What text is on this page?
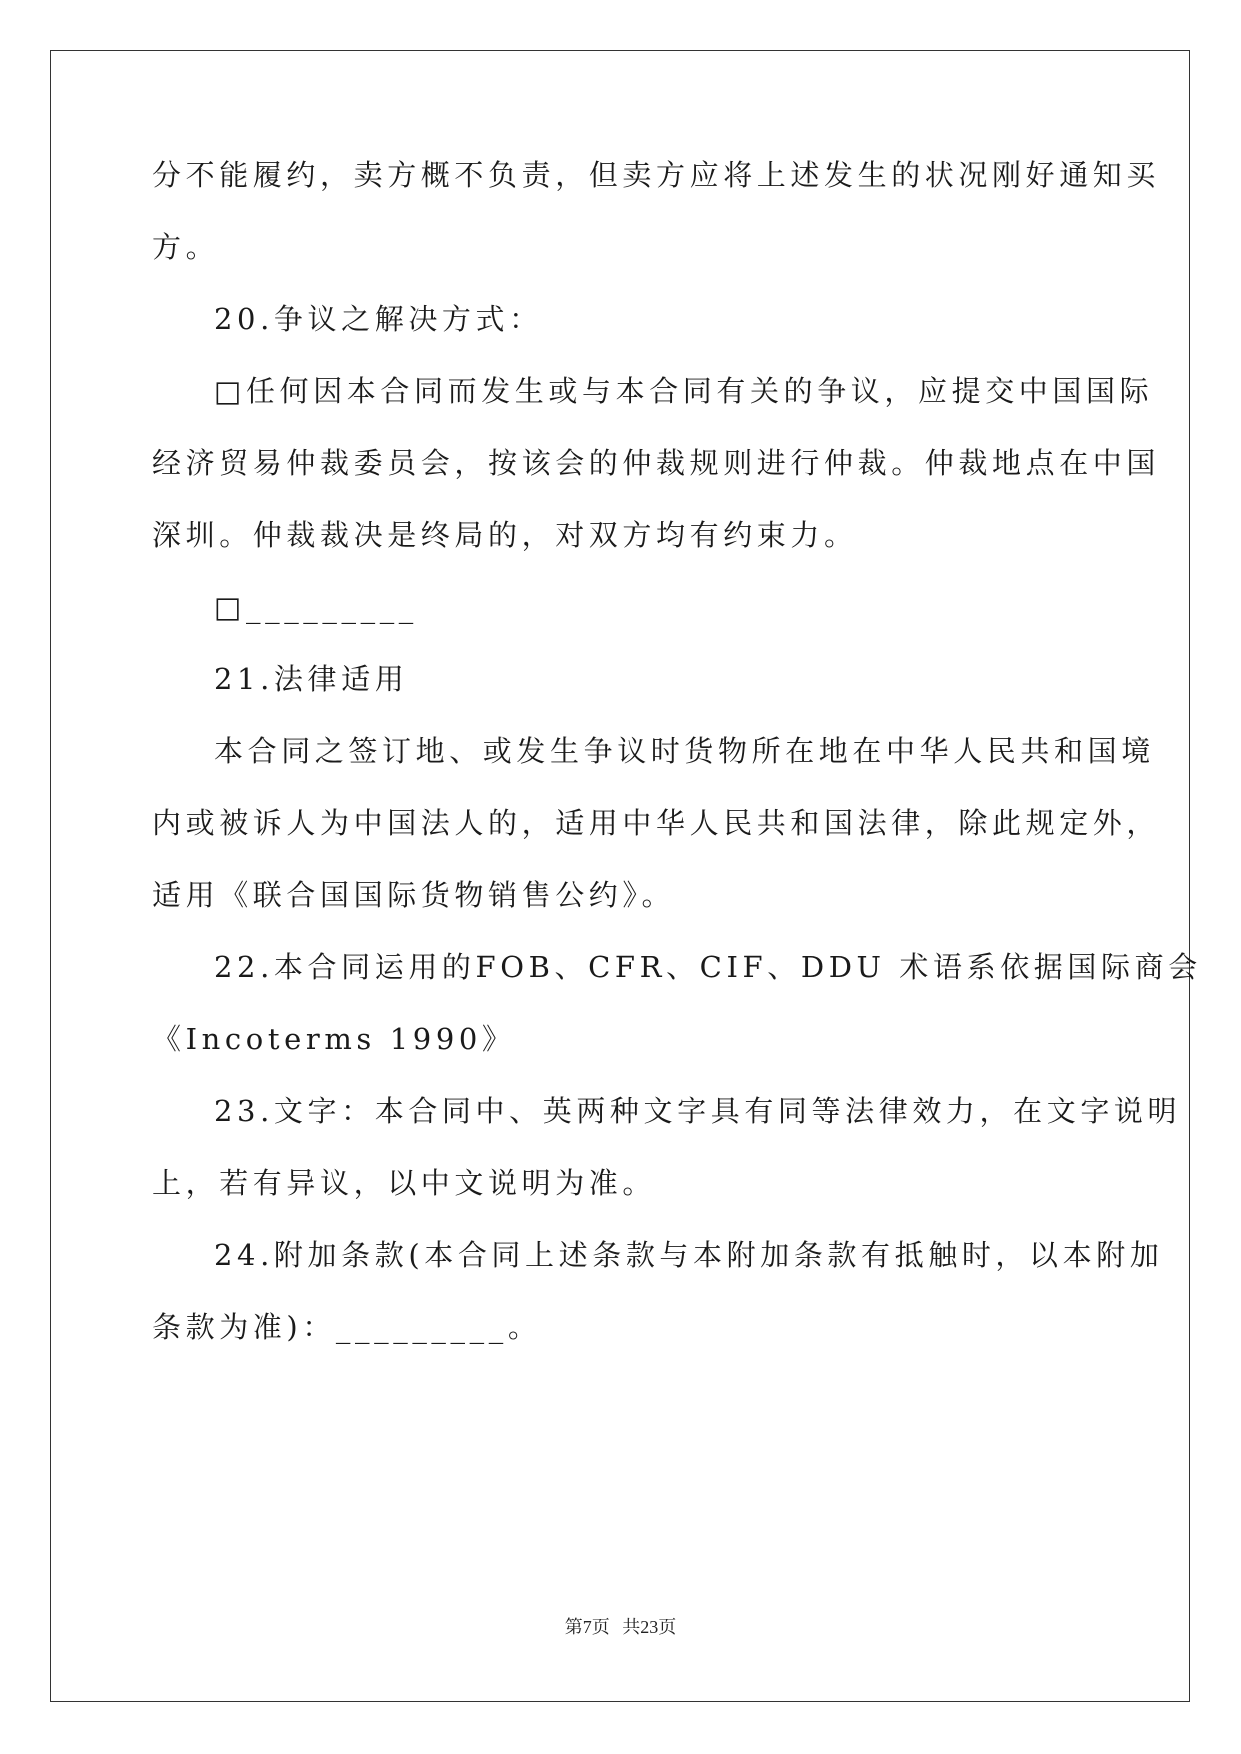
分不能履约，卖方概不负责，但卖方应将上述发生的状况刚好通知买
方。
20.争议之解决方式：
□任何因本合同而发生或与本合同有关的争议，应提交中国国际
经济贸易仲裁委员会，按该会的仲裁规则进行仲裁。仲裁地点在中国
深圳。仲裁裁决是终局的，对双方均有约束力。
□_________
21.法律适用
本合同之签订地、或发生争议时货物所在地在中华人民共和国境
内或被诉人为中国法人的，适用中华人民共和国法律，除此规定外，
适用《联合国国际货物销售公约》。
22.本合同运用的FOB、CFR、CIF、DDU 术语系依据国际商会
《Incoterms 1990》
23.文字：本合同中、英两种文字具有同等法律效力，在文字说明
上，若有异议，以中文说明为准。
24.附加条款(本合同上述条款与本附加条款有抵触时，以本附加
条款为准)：_________。
第7页 共23页
